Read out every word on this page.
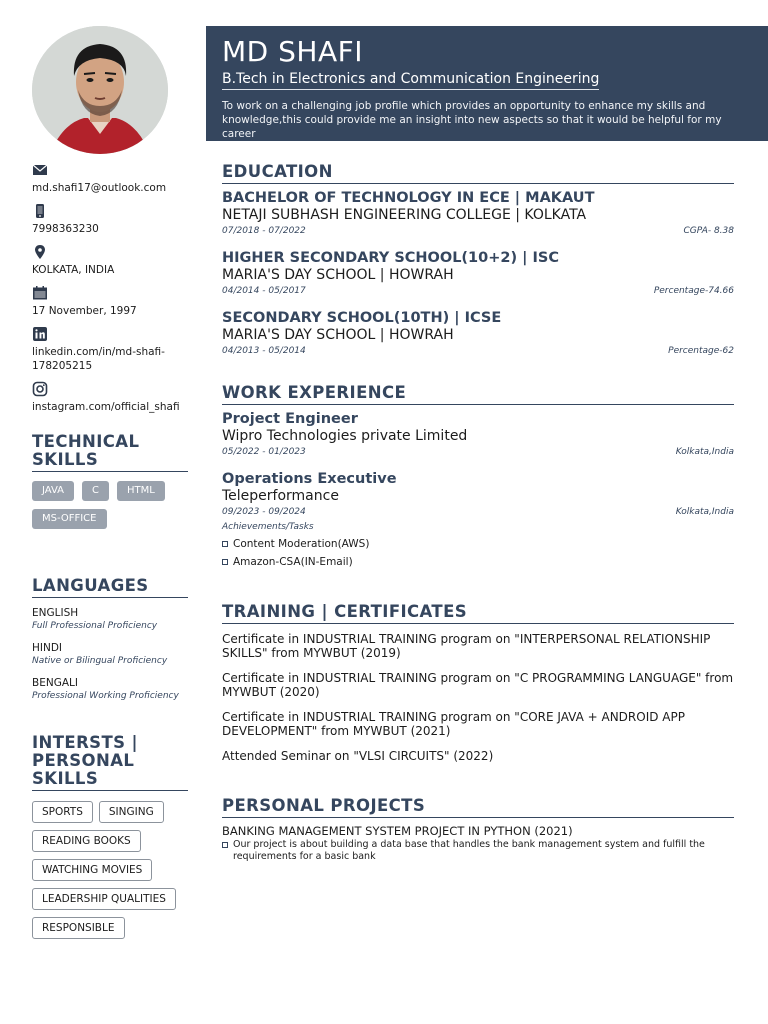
md.shafi17@outlook.com
7998363230
KOLKATA, INDIA
17 November, 1997
linkedin.com/in/md-shafi-178205215
instagram.com/official_shafi
TECHNICAL SKILLS
JAVA	C	HTML
MS-OFFICE
LANGUAGES
ENGLISH
Full Professional Proficiency
HINDI
Native or Bilingual Proficiency
BENGALI
Professional Working Proficiency
INTERSTS | PERSONAL SKILLS
SPORTS	SINGING
READING BOOKS
WATCHING MOVIES
LEADERSHIP QUALITIES
RESPONSIBLE
MD SHAFI
B.Tech in Electronics and Communication Engineering
To work on a challenging job profile which provides an opportunity to enhance my skills and knowledge,this could provide me an insight into new aspects so that it would be helpful for my career
EDUCATION
BACHELOR OF TECHNOLOGY IN ECE | MAKAUT
NETAJI SUBHASH ENGINEERING COLLEGE | KOLKATA
07/2018 - 07/2022	CGPA- 8.38
HIGHER SECONDARY SCHOOL(10+2) | ISC
MARIA'S DAY SCHOOL | HOWRAH
04/2014 - 05/2017	Percentage-74.66
SECONDARY SCHOOL(10TH) | ICSE
MARIA'S DAY SCHOOL | HOWRAH
04/2013 - 05/2014	Percentage-62
WORK EXPERIENCE
Project Engineer
Wipro Technologies private Limited
05/2022 - 01/2023	Kolkata,India
Operations Executive
Teleperformance
09/2023 - 09/2024	Kolkata,India
Achievements/Tasks
Content Moderation(AWS)
Amazon-CSA(IN-Email)
TRAINING | CERTIFICATES
Certificate in INDUSTRIAL TRAINING program on "INTERPERSONAL RELATIONSHIP SKILLS" from MYWBUT (2019)
Certificate in INDUSTRIAL TRAINING program on "C PROGRAMMING LANGUAGE" from MYWBUT (2020)
Certificate in INDUSTRIAL TRAINING program on "CORE JAVA + ANDROID APP DEVELOPMENT" from MYWBUT (2021)
Attended Seminar on "VLSI CIRCUITS" (2022)
PERSONAL PROJECTS
BANKING MANAGEMENT SYSTEM PROJECT IN PYTHON (2021)
Our project is about building a data base that handles the bank management system and fulfill the requirements for a basic bank
